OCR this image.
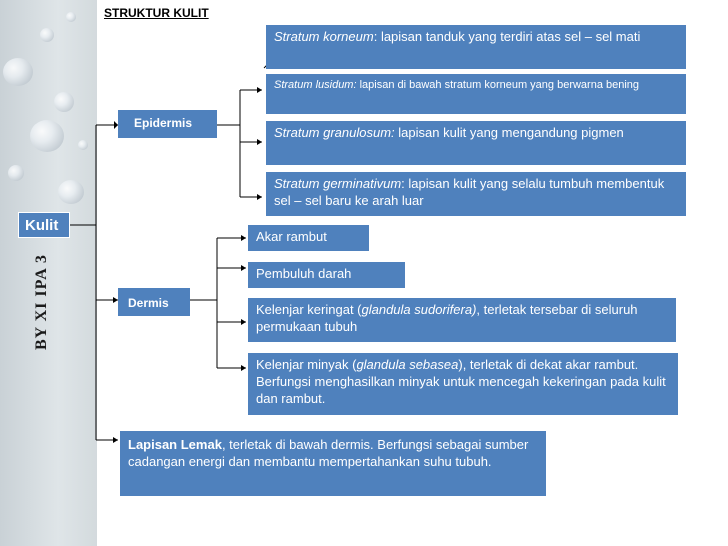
BY XI IPA 3
STRUKTUR KULIT
Kulit
Epidermis
Stratum korneum: lapisan tanduk yang terdiri atas sel – sel mati
Stratum lusidum: lapisan di bawah stratum korneum yang berwarna bening
Stratum granulosum: lapisan kulit yang mengandung pigmen
Stratum germinativum: lapisan kulit yang selalu tumbuh membentuk sel – sel baru ke arah luar
Dermis
Akar rambut
Pembuluh darah
Kelenjar keringat (glandula sudorifera), terletak tersebar di seluruh permukaan tubuh
Kelenjar minyak (glandula sebasea), terletak di dekat akar rambut. Berfungsi menghasilkan minyak untuk mencegah kekeringan pada kulit dan rambut.
Lapisan Lemak, terletak di bawah dermis. Berfungsi sebagai sumber cadangan energi dan membantu mempertahankan suhu tubuh.
